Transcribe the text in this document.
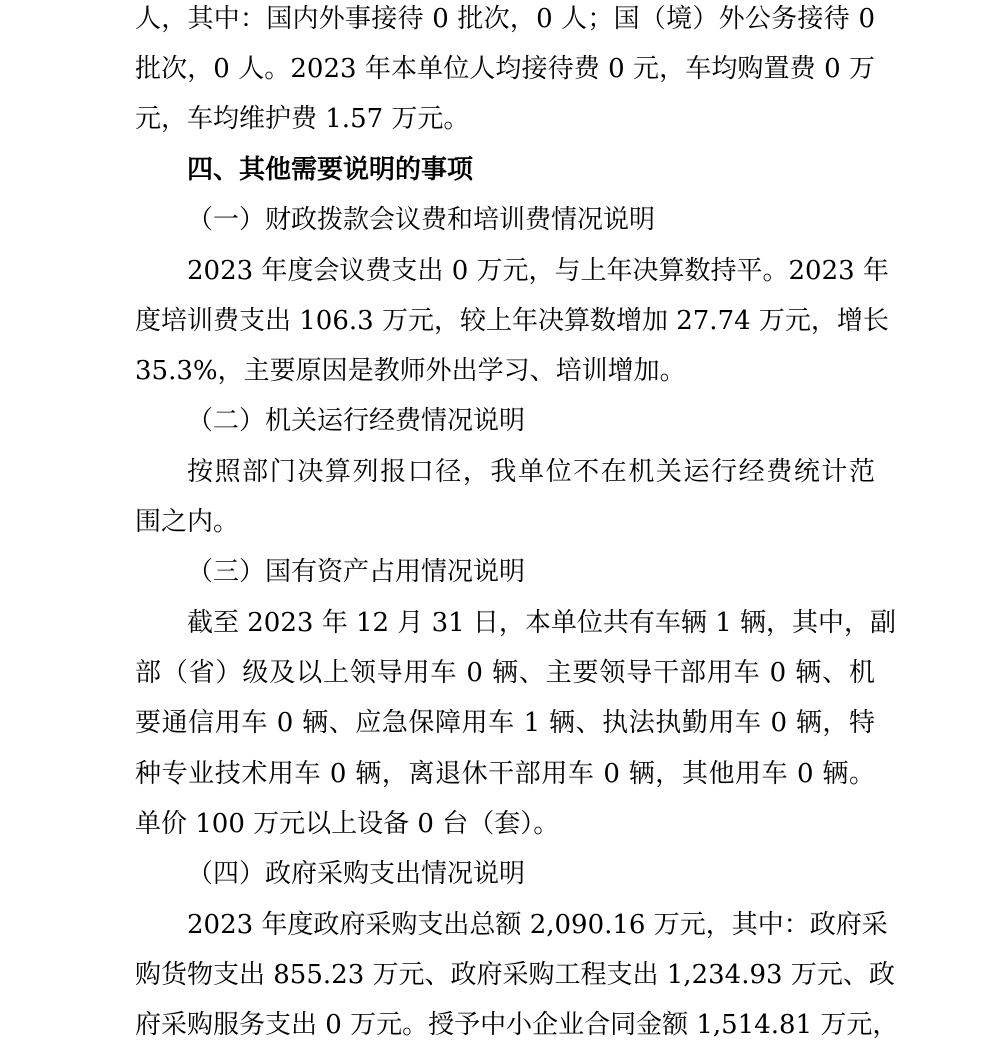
人，其中：国内外事接待 0 批次，0 人；国（境）外公务接待 0
批次，0 人。2023 年本单位人均接待费 0 元，车均购置费 0 万
元，车均维护费 1.57 万元。
四、其他需要说明的事项
（一）财政拨款会议费和培训费情况说明
2023 年度会议费支出 0 万元，与上年决算数持平。2023 年
度培训费支出 106.3 万元，较上年决算数增加 27.74 万元，增长
35.3%，主要原因是教师外出学习、培训增加。
（二）机关运行经费情况说明
按照部门决算列报口径，我单位不在机关运行经费统计范
围之内。
（三）国有资产占用情况说明
截至 2023 年 12 月 31 日，本单位共有车辆 1 辆，其中，副
部（省）级及以上领导用车 0 辆、主要领导干部用车 0 辆、机
要通信用车 0 辆、应急保障用车 1 辆、执法执勤用车 0 辆，特
种专业技术用车 0 辆，离退休干部用车 0 辆，其他用车 0 辆。
单价 100 万元以上设备 0 台（套）。
（四）政府采购支出情况说明
2023 年度政府采购支出总额 2,090.16 万元，其中：政府采
购货物支出 855.23 万元、政府采购工程支出 1,234.93 万元、政
府采购服务支出 0 万元。授予中小企业合同金额 1,514.81 万元，
